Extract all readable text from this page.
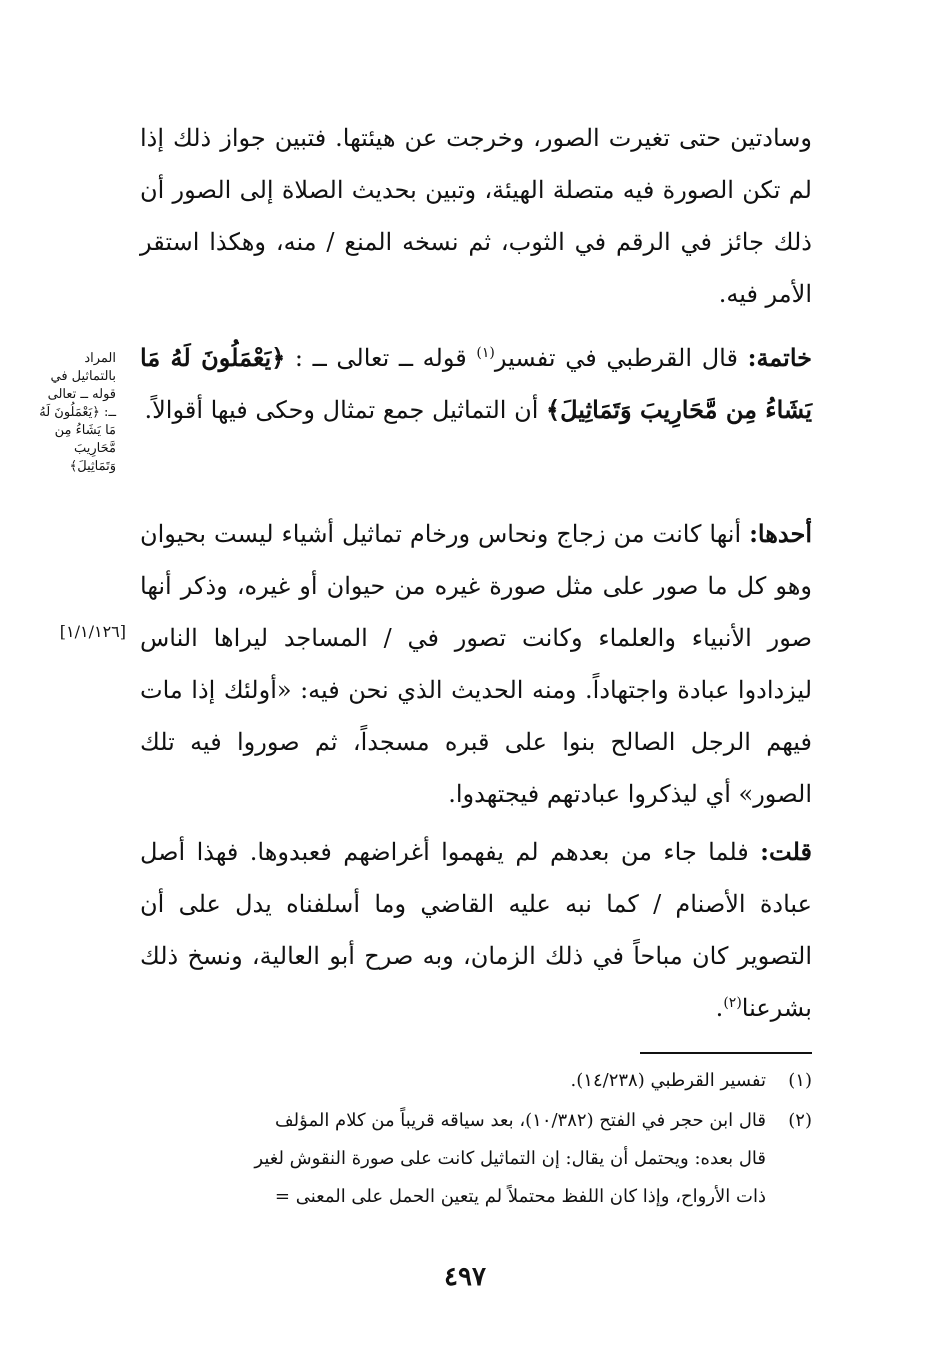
وسادتين حتى تغيرت الصور، وخرجت عن هيئتها. فتبين جواز ذلك إذا لم تكن الصورة فيه متصلة الهيئة، وتبين بحديث الصلاة إلى الصور أن ذلك جائز في الرقم في الثوب، ثم نسخه المنع / منه، وهكذا استقر الأمر فيه.

خاتمة: قال القرطبي في تفسير$^{(١)}$ قوله ــ تعالى ــ : ﴿يَعْمَلُونَ لَهُ مَا يَشَاءُ مِن مَّحَارِيبَ وَتَمَاثِيلَ﴾ أن التماثيل جمع تمثال وحكى فيها أقوالاً.

أحدها: أنها كانت من زجاج ونحاس ورخام تماثيل أشياء ليست بحيوان وهو كل ما صور على مثل صورة غيره من حيوان أو غيره، وذكر أنها صور الأنبياء والعلماء وكانت تصور في / المساجد ليراها الناس ليزدادوا عبادة واجتهاداً. ومنه الحديث الذي نحن فيه: «أولئك إذا مات فيهم الرجل الصالح بنوا على قبره مسجداً، ثم صوروا فيه تلك الصور» أي ليذكروا عبادتهم فيجتهدوا.

قلت: فلما جاء من بعدهم لم يفهموا أغراضهم فعبدوها. فهذا أصل عبادة الأصنام / كما نبه عليه القاضي وما أسلفناه يدل على أن التصوير كان مباحاً في ذلك الزمان، وبه صرح أبو العالية، ونسخ ذلك بشرعنا$^{(٢)}$.

المراد بالتماثيل في قوله ــ تعالى ــ: ﴿يَعْمَلُونَ لَهُ مَا يَشَاءُ مِن مَّحَارِيبَ وَتَمَاثِيلَ﴾
[١/١/١٢٦]
(١)تفسير القرطبي (١٤/٢٣٨).
(٢)قال ابن حجر في الفتح (١٠/٣٨٢)، بعد سياقه قريباً من كلام المؤلف
قال بعده: ويحتمل أن يقال: إن التماثيل كانت على صورة النقوش لغير
ذات الأرواح، وإذا كان اللفظ محتملاً لم يتعين الحمل على المعنى =
٤٩٧
